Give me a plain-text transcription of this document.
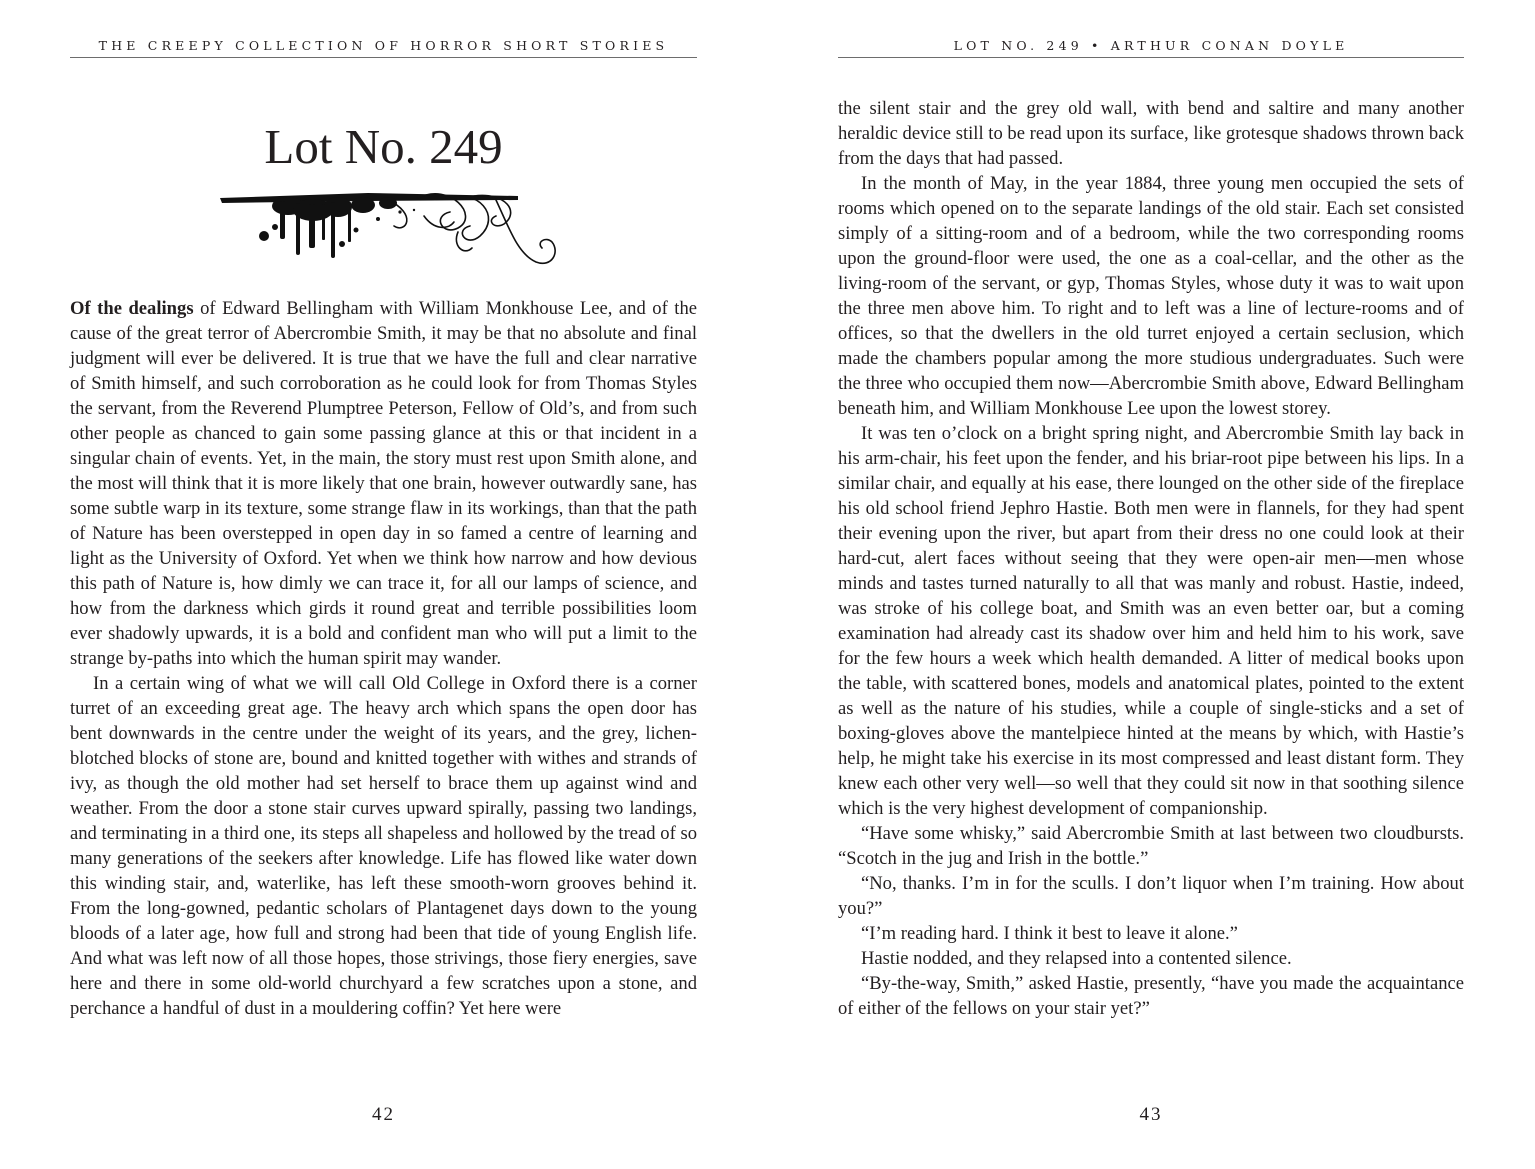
THE CREEPY COLLECTION OF HORROR SHORT STORIES
Lot No. 249

Of the dealings of Edward Bellingham with William Monkhouse Lee, and of the cause of the great terror of Abercrombie Smith, it may be that no absolute and final judgment will ever be delivered. It is true that we have the full and clear narrative of Smith himself, and such corroboration as he could look for from Thomas Styles the servant, from the Reverend Plumptree Peterson, Fellow of Old’s, and from such other people as chanced to gain some passing glance at this or that incident in a singular chain of events. Yet, in the main, the story must rest upon Smith alone, and the most will think that it is more likely that one brain, however outwardly sane, has some subtle warp in its texture, some strange flaw in its workings, than that the path of Nature has been overstepped in open day in so famed a centre of learning and light as the University of Oxford. Yet when we think how narrow and how devious this path of Nature is, how dimly we can trace it, for all our lamps of science, and how from the darkness which girds it round great and terrible possibilities loom ever shadowly upwards, it is a bold and confident man who will put a limit to the strange by-paths into which the human spirit may wander.

In a certain wing of what we will call Old College in Oxford there is a corner turret of an exceeding great age. The heavy arch which spans the open door has bent downwards in the centre under the weight of its years, and the grey, lichen-blotched blocks of stone are, bound and knitted together with withes and strands of ivy, as though the old mother had set herself to brace them up against wind and weather. From the door a stone stair curves upward spirally, passing two landings, and terminating in a third one, its steps all shapeless and hollowed by the tread of so many generations of the seekers after knowledge. Life has flowed like water down this winding stair, and, waterlike, has left these smooth-worn grooves behind it. From the long-gowned, pedantic scholars of Plantagenet days down to the young bloods of a later age, how full and strong had been that tide of young English life. And what was left now of all those hopes, those strivings, those fiery energies, save here and there in some old-world churchyard a few scratches upon a stone, and perchance a handful of dust in a mouldering coffin? Yet here were

42
LOT NO. 249 • ARTHUR CONAN DOYLE

the silent stair and the grey old wall, with bend and saltire and many another heraldic device still to be read upon its surface, like grotesque shadows thrown back from the days that had passed.

In the month of May, in the year 1884, three young men occupied the sets of rooms which opened on to the separate landings of the old stair. Each set consisted simply of a sitting-room and of a bedroom, while the two corresponding rooms upon the ground-floor were used, the one as a coal-cellar, and the other as the living-room of the servant, or gyp, Thomas Styles, whose duty it was to wait upon the three men above him. To right and to left was a line of lecture-rooms and of offices, so that the dwellers in the old turret enjoyed a certain seclusion, which made the chambers popular among the more studious undergraduates. Such were the three who occupied them now—Abercrombie Smith above, Edward Bellingham beneath him, and William Monkhouse Lee upon the lowest storey.

It was ten o’clock on a bright spring night, and Abercrombie Smith lay back in his arm-chair, his feet upon the fender, and his briar-root pipe between his lips. In a similar chair, and equally at his ease, there lounged on the other side of the fireplace his old school friend Jephro Hastie. Both men were in flannels, for they had spent their evening upon the river, but apart from their dress no one could look at their hard-cut, alert faces without seeing that they were open-air men—men whose minds and tastes turned naturally to all that was manly and robust. Hastie, indeed, was stroke of his college boat, and Smith was an even better oar, but a coming examination had already cast its shadow over him and held him to his work, save for the few hours a week which health demanded. A litter of medical books upon the table, with scattered bones, models and anatomical plates, pointed to the extent as well as the nature of his studies, while a couple of single-sticks and a set of boxing-gloves above the mantelpiece hinted at the means by which, with Hastie’s help, he might take his exercise in its most compressed and least distant form. They knew each other very well—so well that they could sit now in that soothing silence which is the very highest development of companionship.

“Have some whisky,” said Abercrombie Smith at last between two cloudbursts. “Scotch in the jug and Irish in the bottle.”

“No, thanks. I’m in for the sculls. I don’t liquor when I’m training. How about you?”

“I’m reading hard. I think it best to leave it alone.”

Hastie nodded, and they relapsed into a contented silence.

“By-the-way, Smith,” asked Hastie, presently, “have you made the acquaintance of either of the fellows on your stair yet?”

43
